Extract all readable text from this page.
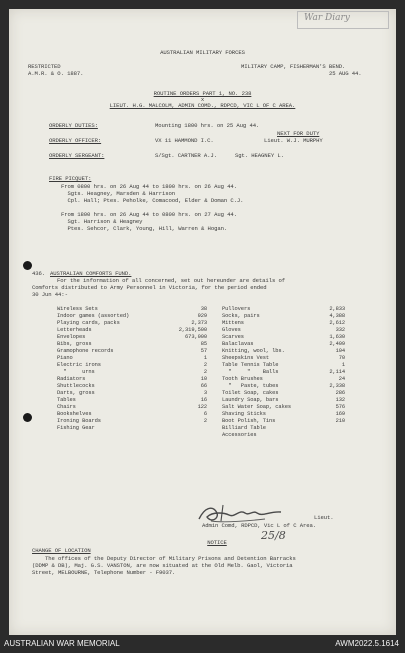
War Diary
AUSTRALIAN MILITARY FORCES
RESTRICTED
A.M.R. & O. 1887.
MILITARY CAMP, FISHERMAN'S BEND.
25 AUG 44.
ROUTINE ORDERS PART 1, NO. 238
x
LIEUT. H.G. MALCOLM, ADMIN COMD., RDPCD, VIC L OF C AREA.
ORDERLY DUTIES:	Mounting 1800 hrs. on 25 Aug 44.
NEXT FOR DUTY
ORDERLY OFFICER:	VX 11 HAMMOND I.C.	Lieut. W.J. MURPHY
ORDERLY SERGEANT:	S/Sgt. CARTNER A.J.	Sgt. HEAGNEY L.
FIRE PICQUET:
From 0800 hrs. on 26 Aug 44 to 1800 hrs. on 26 Aug 44.
Sgts. Heagney, Marsden & Harrison
Cpl. Hall; Ptes. Peholke, Comacood, Elder & Doman C.J.
From 1800 hrs. on 26 Aug 44 to 0800 hrs. on 27 Aug 44.
Sgt. Harrison & Heagney
Ptes. Sehcor, Clark, Young, Hill, Warren & Hogan.
436. AUSTRALIAN COMFORTS FUND.
For the information of all concerned, set out hereunder are details of
Comforts distributed to Army Personnel in Victoria, for the period ended
30 Jun 44:-
Wireless Sets	38
Indoor games (assorted)	929
Playing cards, packs	2,373
Letterheads	2,319,500
Envelopes	673,000
Bibs, gross	85
Gramophone records	57
Piano	1
Electric irons	2
"     urns	2
Radiators	10
Shuttlecocks	66
Darts, gross	3
Tables	16
Chairs	122
Bookshelves	6
Ironing Boards	2
Fishing Gear
Pullovers	2,833
Socks, pairs	4,388
Mittens	2,612
Gloves	332
Scarves	1,630
Balaclavas	2,409
Knitting, wool, lbs.	104
Sheepskins Vest	70
Table Tennis Table	1
"     "    Balls	2,114
Tooth Brushes	24
"   Paste, tubes	2,338
Toilet Soap, cakes	286
Laundry Soap, bars	132
Salt Water Soap, cakes	576
Shaving Sticks	169
Boot Polish, Tins	210
Billiard Table
Accessories
Lieut.
Admin Comd, RDPCD, Vic L of C Area.
25/8
NOTICE
CHANGE OF LOCATION
The offices of the Deputy Director of Military Prisons and Detention Barracks
(DDMP & DB), Maj. G.S. VANSTON, are now situated at the Old Melb. Gaol, Victoria
Street, MELBOURNE, Telephone Number - F9037.
AUSTRALIAN WAR MEMORIAL	AWM2022.5.1614
